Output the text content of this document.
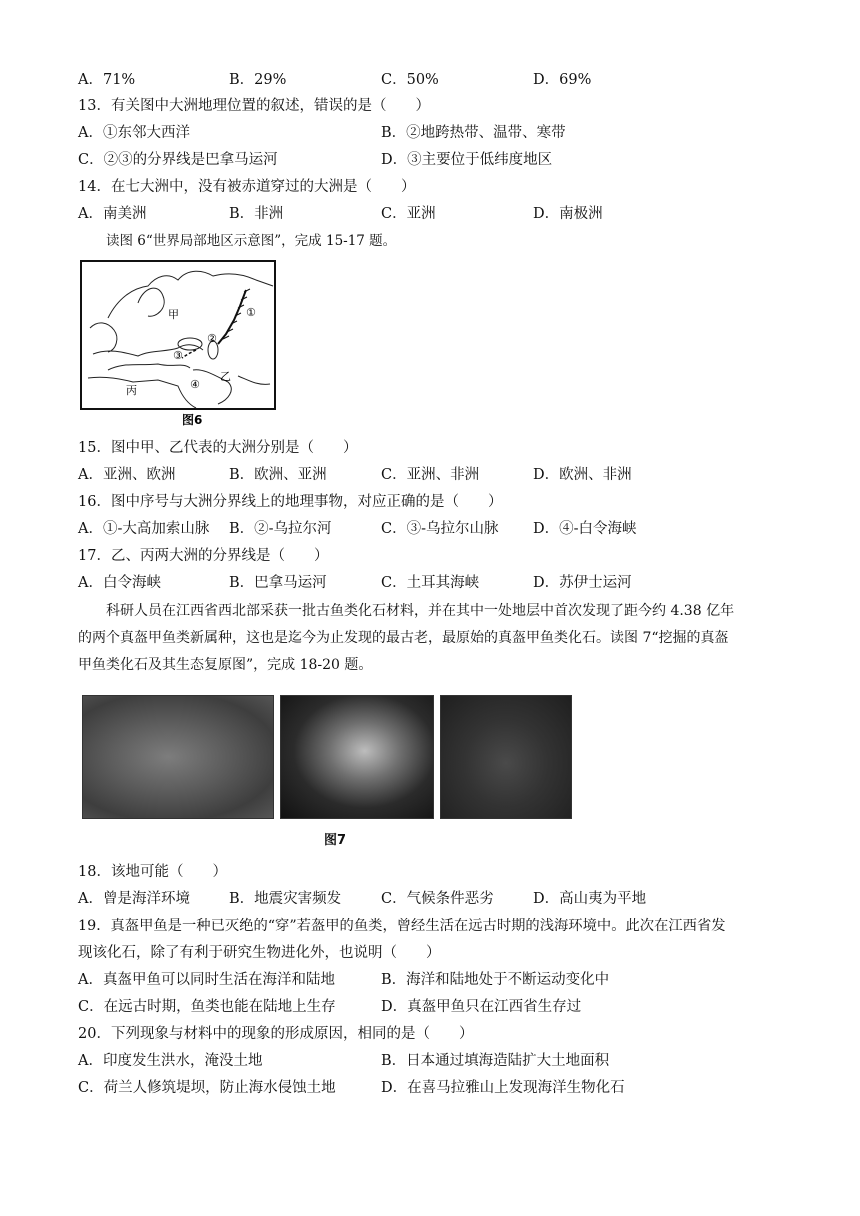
A．71%	B．29%	C．50%	D．69%
13．有关图中大洲地理位置的叙述，错误的是（　　）
A．①东邻大西洋	B．②地跨热带、温带、寒带
C．②③的分界线是巴拿马运河	D．③主要位于低纬度地区
14．在七大洲中，没有被赤道穿过的大洲是（　　）
A．南美洲	B．非洲	C．亚洲	D．南极洲
读图 6“世界局部地区示意图”，完成 15-17 题。
①
②
③
④
甲
乙
丙
图6
15．图中甲、乙代表的大洲分别是（　　）
A．亚洲、欧洲	B．欧洲、亚洲	C．亚洲、非洲	D．欧洲、非洲
16．图中序号与大洲分界线上的地理事物，对应正确的是（　　）
A．①-大高加索山脉 B．②-乌拉尔河	C．③-乌拉尔山脉 D．④-白令海峡
17．乙、丙两大洲的分界线是（　　）
A．白令海峡	B．巴拿马运河	C．土耳其海峡	D．苏伊士运河
科研人员在江西省西北部采获一批古鱼类化石材料，并在其中一处地层中首次发现了距今约 4.38 亿年
的两个真盔甲鱼类新属种，这也是迄今为止发现的最古老，最原始的真盔甲鱼类化石。读图 7“挖掘的真盔
甲鱼类化石及其生态复原图”，完成 18-20 题。
图7
18．该地可能（　　）
A．曾是海洋环境	B．地震灾害频发	C．气候条件恶劣	D．高山夷为平地
19．真盔甲鱼是一种已灭绝的“穿”若盔甲的鱼类，曾经生活在远古时期的浅海环境中。此次在江西省发
现该化石，除了有利于研究生物进化外，也说明（　　）
A．真盔甲鱼可以同时生活在海洋和陆地	B．海洋和陆地处于不断运动变化中
C．在远古时期，鱼类也能在陆地上生存	D．真盔甲鱼只在江西省生存过
20．下列现象与材料中的现象的形成原因，相同的是（　　）
A．印度发生洪水，淹没土地	B．日本通过填海造陆扩大土地面积
C．荷兰人修筑堤坝，防止海水侵蚀土地	D．在喜马拉雅山上发现海洋生物化石
